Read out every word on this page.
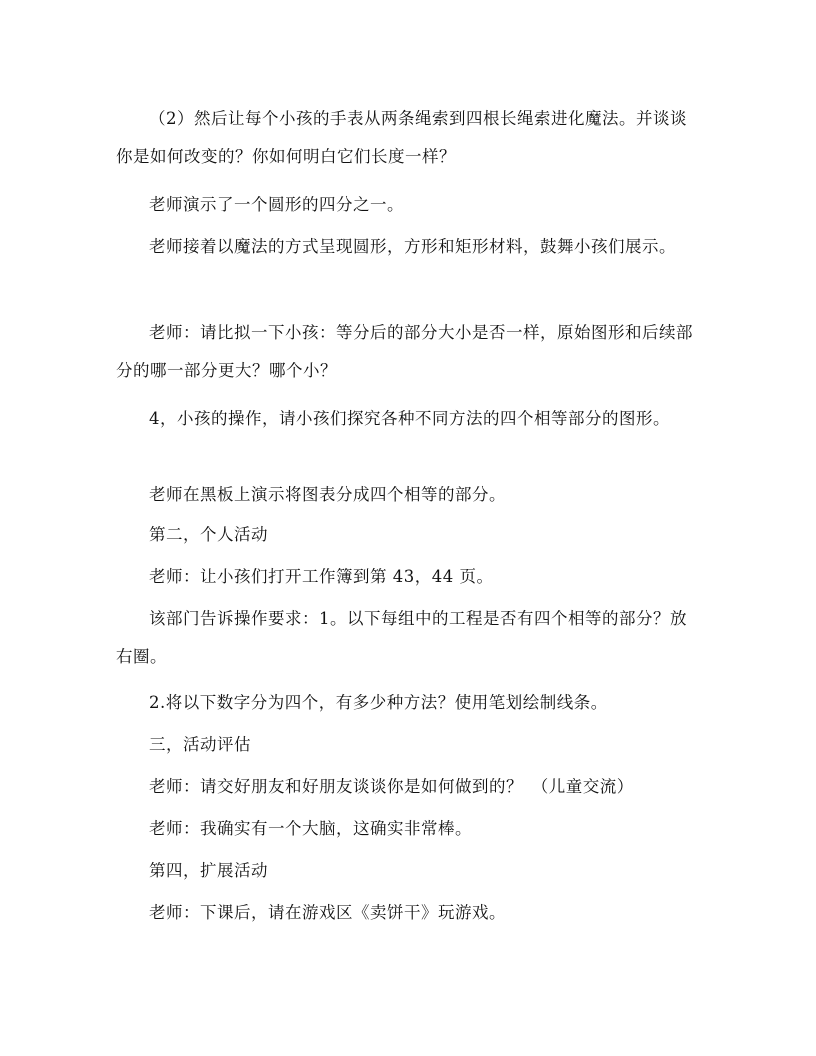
（2）然后让每个小孩的手表从两条绳索到四根长绳索进化魔法。并谈谈你是如何改变的？你如何明白它们长度一样？

老师演示了一个圆形的四分之一。

老师接着以魔法的方式呈现圆形，方形和矩形材料，鼓舞小孩们展示。

老师：请比拟一下小孩：等分后的部分大小是否一样，原始图形和后续部分的哪一部分更大？哪个小？

4，小孩的操作，请小孩们探究各种不同方法的四个相等部分的图形。

老师在黑板上演示将图表分成四个相等的部分。

第二，个人活动

老师：让小孩们打开工作簿到第 43，44 页。

该部门告诉操作要求：1。以下每组中的工程是否有四个相等的部分？放右圈。

2.将以下数字分为四个，有多少种方法？使用笔划绘制线条。

三，活动评估

老师：请交好朋友和好朋友谈谈你是如何做到的？　（儿童交流）

老师：我确实有一个大脑，这确实非常棒。

第四，扩展活动

老师：下课后，请在游戏区《卖饼干》玩游戏。
